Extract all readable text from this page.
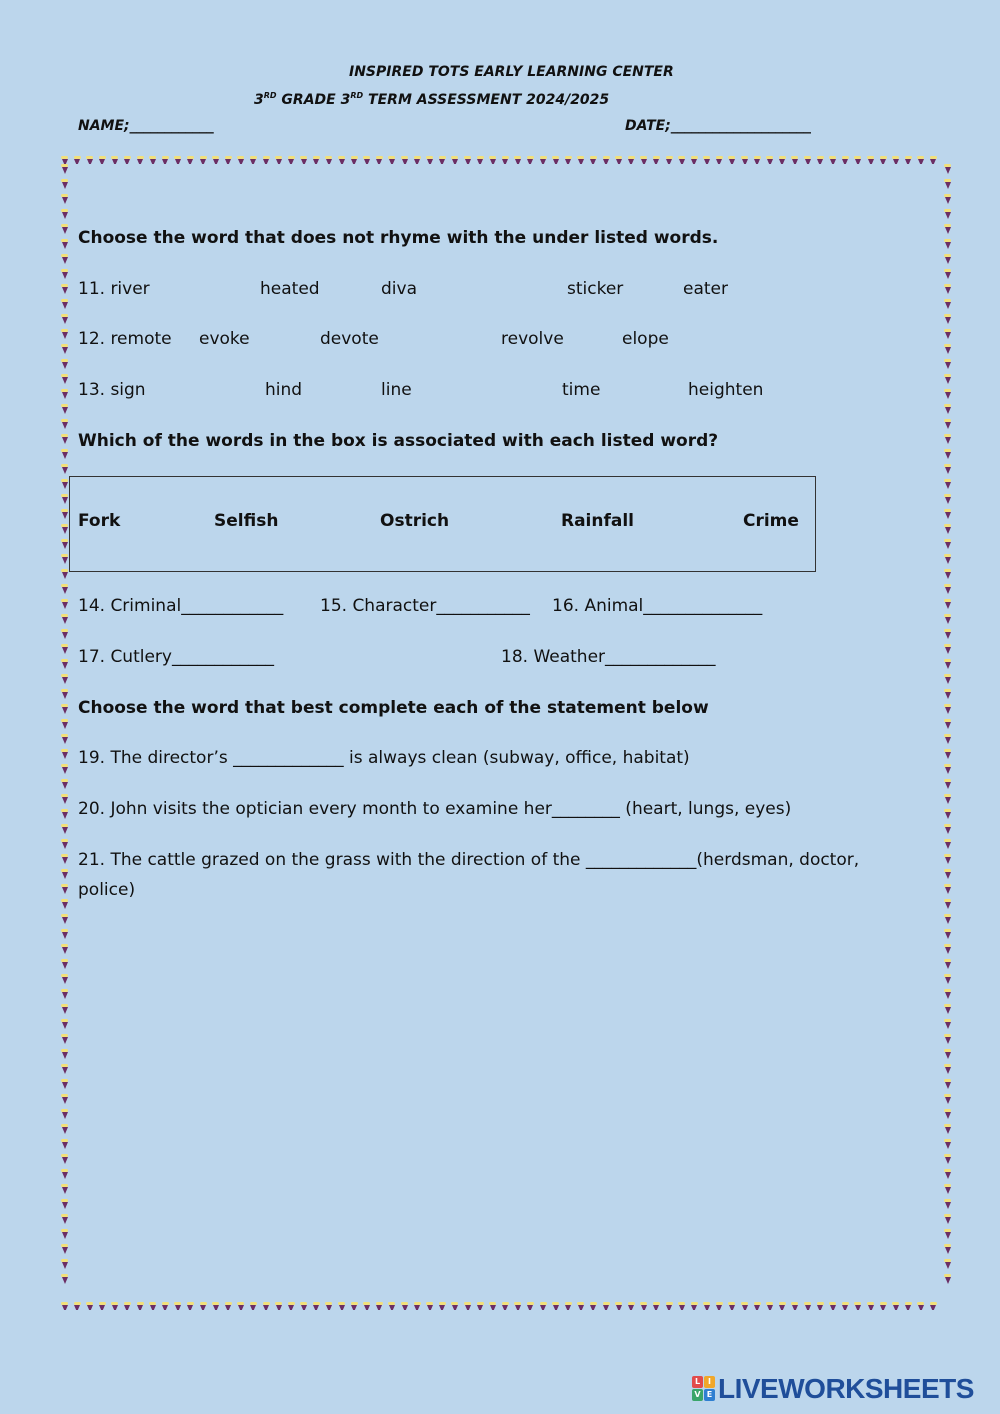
INSPIRED TOTS EARLY LEARNING CENTER
3RD GRADE 3RD TERM ASSESSMENT 2024/2025
NAME;____________	DATE;____________________
Choose the word that does not rhyme with the under listed words.
11. river	heated	diva	sticker	eater
12. remote evoke	devote	revolve	elope
13. sign	hind	line	time	heighten
Which of the words in the box is associated with each listed word?
Fork	Selfish	Ostrich	Rainfall	Crime
14. Criminal____________ 15. Character___________ 16. Animal______________
17. Cutlery____________	18. Weather_____________
Choose the word that best complete each of the statement below
19. The director’s _____________ is always clean (subway, office, habitat)
20. John visits the optician every month to examine her________ (heart, lungs, eyes)
21. The cattle grazed on the grass with the direction of the _____________(herdsman, doctor,
police)
L I
V E LIVEWORKSHEETS
